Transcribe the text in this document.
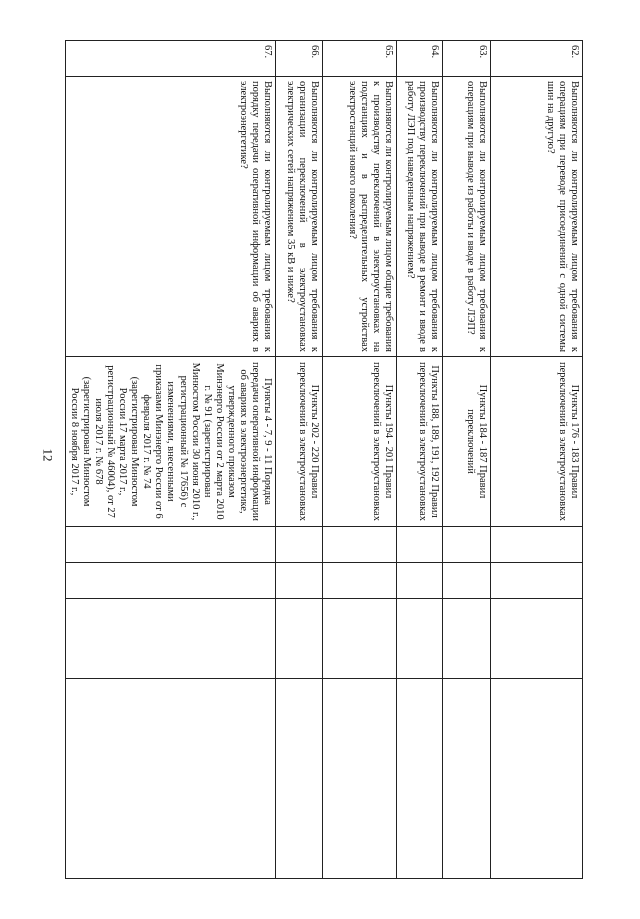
12
62.	Выполняются ли контролируемым лицом требования к операциям при переводе присоединений с одной системы шин на другую?	Пункты 176 - 183 Правил переключений в электроустановках				
63.	Выполняются ли контролируемым лицом требования к операциям при выводе из работы и вводе в работу ЛЭП?	Пункты 184 - 187 Правил переключений				
64.	Выполняются ли контролируемым лицом требования к производству переключений при выводе в ремонт и вводе в работу ЛЭП под наведенным напряжением?	Пункты 188, 189, 191, 192 Правил переключений в электроустановках				
65.	Выполняются ли контролируемым лицом общие требования к производству переключений в электроустановках на подстанциях и в распределительных устройствах электростанций нового поколения?	Пункты 194 - 201 Правил переключений в электроустановках				
66.	Выполняются ли контролируемым лицом требования к организации переключений в электроустановках электрических сетей напряжением 35 кВ и ниже?	Пункты 202 - 220 Правил переключений в электроустановках				
67.	Выполняются ли контролируемым лицом требования к порядку передачи оперативной информации об авариях в электроэнергетике?	Пункты 4 - 7, 9 - 11 Порядка передачи оперативной информации об авариях в электроэнергетике, утвержденного приказом Минэнерго России от 2 марта 2010 г. № 91 (зарегистрирован Минюстом России 30 июня 2010 г., регистрационный № 17656) с изменениями, внесенными приказами Минэнерго России от 6 февраля 2017 г. № 74 (зарегистрирован Минюстом России 17 марта 2017 г., регистрационный № 46004), от 27 июля 2017 г. № 678 (зарегистрирован Минюстом России 8 ноября 2017 г.,				
